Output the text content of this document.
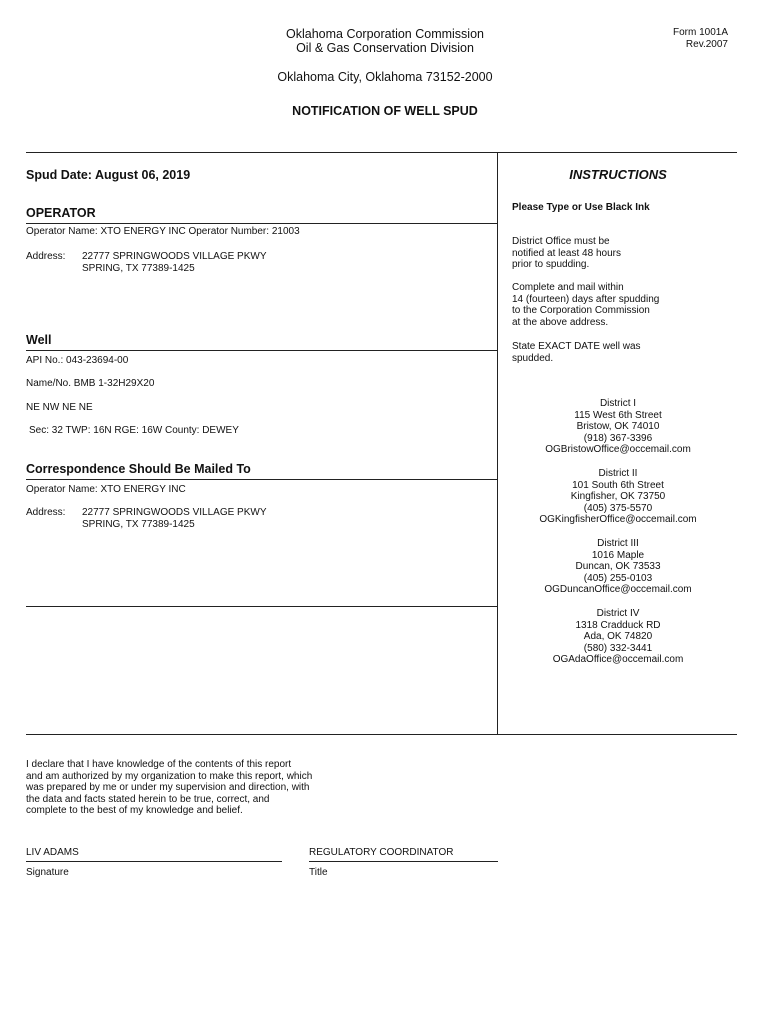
Oklahoma Corporation Commission
Oil & Gas Conservation Division
Oklahoma City, Oklahoma 73152-2000
Form 1001A
Rev.2007
NOTIFICATION OF WELL SPUD
Spud Date: August 06, 2019
OPERATOR
Operator Name: XTO ENERGY INC Operator Number: 21003
Address: 22777 SPRINGWOODS VILLAGE PKWY
SPRING, TX 77389-1425
Well
API No.: 043-23694-00
Name/No. BMB 1-32H29X20
NE NW NE NE
Sec: 32 TWP: 16N RGE: 16W County: DEWEY
Correspondence Should Be Mailed To
Operator Name: XTO ENERGY INC
Address: 22777 SPRINGWOODS VILLAGE PKWY
SPRING, TX 77389-1425
INSTRUCTIONS
Please Type or Use Black Ink
District Office must be
notified at least 48 hours
prior to spudding.
Complete and mail within
14 (fourteen) days after spudding
to the Corporation Commission
at the above address.
State EXACT DATE well was
spudded.
District I
115 West 6th Street
Bristow, OK 74010
(918) 367-3396
OGBristowOffice@occemail.com
District II
101 South 6th Street
Kingfisher, OK 73750
(405) 375-5570
OGKingfisherOffice@occemail.com
District III
1016 Maple
Duncan, OK 73533
(405) 255-0103
OGDuncanOffice@occemail.com
District IV
1318 Cradduck RD
Ada, OK 74820
(580) 332-3441
OGAdaOffice@occemail.com
I declare that I have knowledge of the contents of this report
and am authorized by my organization to make this report, which
was prepared by me or under my supervision and direction, with
the data and facts stated herein to be true, correct, and
complete to the best of my knowledge and belief.
LIV ADAMS
Signature
REGULATORY COORDINATOR
Title
